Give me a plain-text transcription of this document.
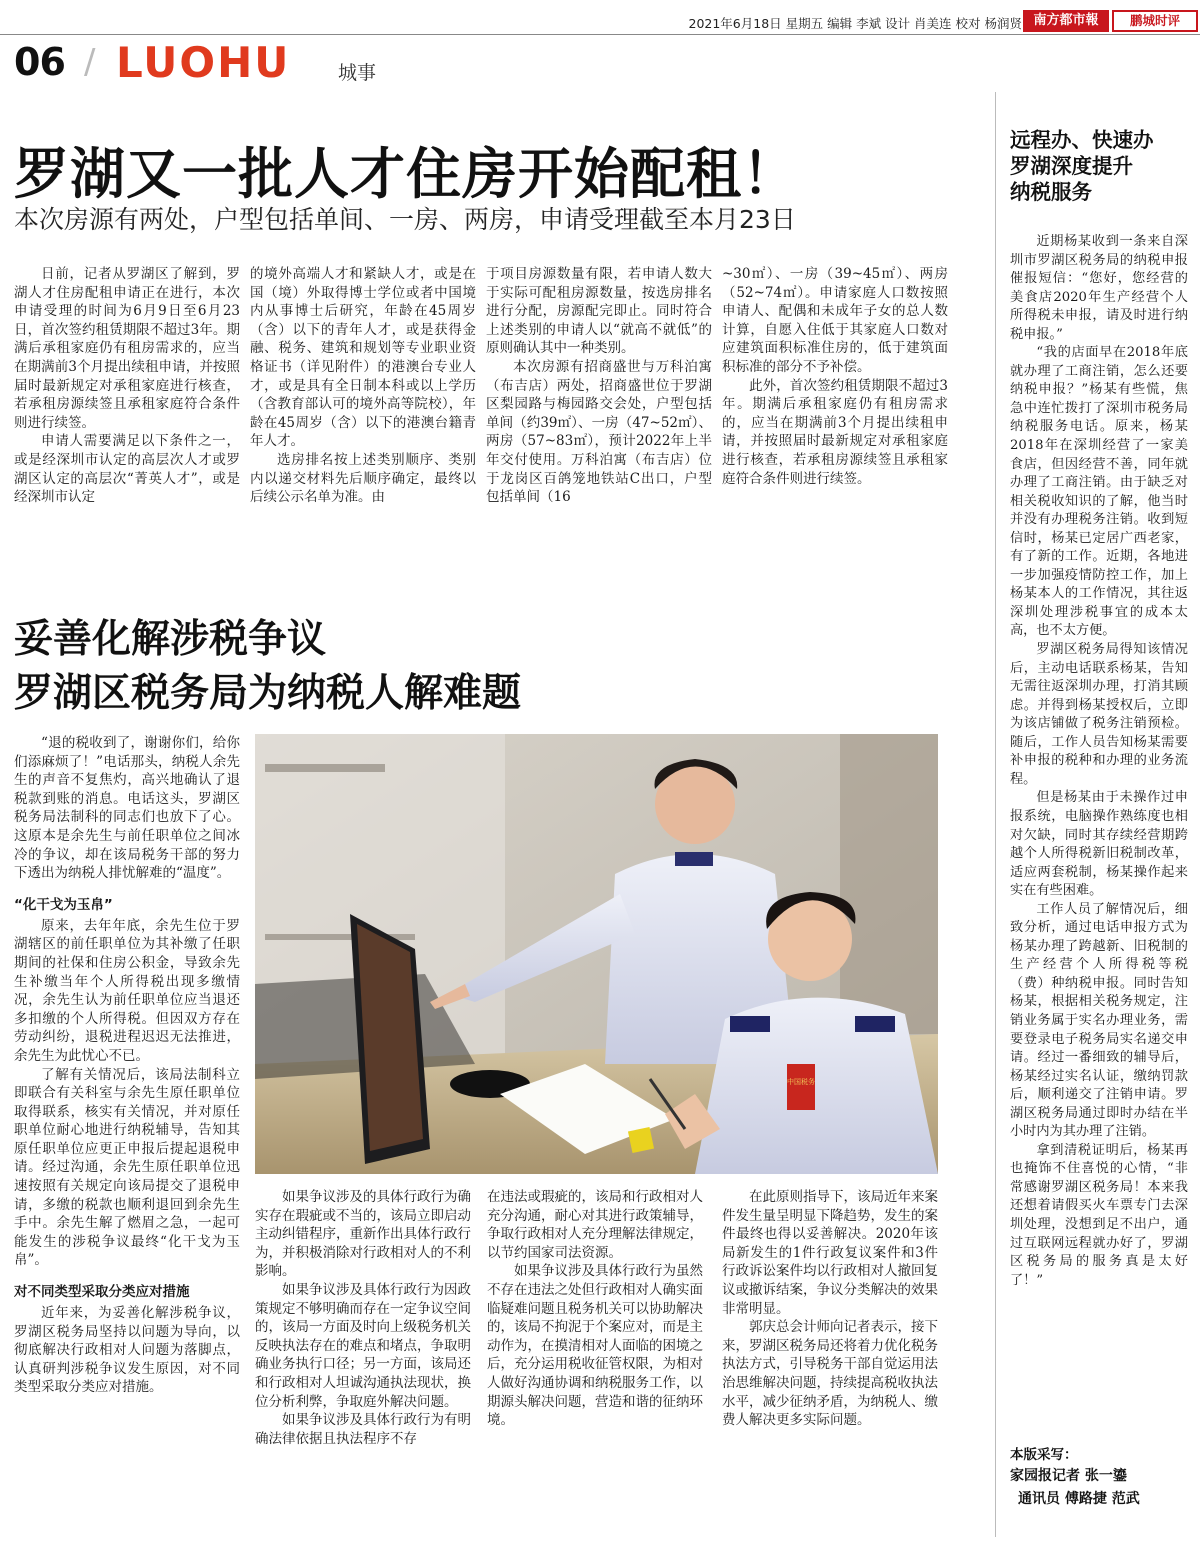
2021年6月18日 星期五 编辑 李斌 设计 肖美连 校对 杨润贤 南方都市報	鹏城时评
06 / LUOHU	城事
罗湖又一批人才住房开始配租！
本次房源有两处，户型包括单间、一房、两房，申请受理截至本月23日

日前，记者从罗湖区了解到，罗湖人才住房配租申请正在进行，本次申请受理的时间为6月9日至6月23日，首次签约租赁期限不超过3年。期满后承租家庭仍有租房需求的，应当在期满前3个月提出续租申请，并按照届时最新规定对承租家庭进行核查，若承租房源续签且承租家庭符合条件则进行续签。

申请人需要满足以下条件之一，或是经深圳市认定的高层次人才或罗湖区认定的高层次“菁英人才”，或是经深圳市认定

的境外高端人才和紧缺人才，或是在国（境）外取得博士学位或者中国境内从事博士后研究，年龄在45周岁（含）以下的青年人才，或是获得金融、税务、建筑和规划等专业职业资格证书（详见附件）的港澳台专业人才，或是具有全日制本科或以上学历（含教育部认可的境外高等院校），年龄在45周岁（含）以下的港澳台籍青年人才。

选房排名按上述类别顺序、类别内以递交材料先后顺序确定，最终以后续公示名单为准。由

于项目房源数量有限，若申请人数大于实际可配租房源数量，按选房排名进行分配，房源配完即止。同时符合上述类别的申请人以“就高不就低”的原则确认其中一种类别。

本次房源有招商盛世与万科泊寓（布吉店）两处，招商盛世位于罗湖区梨园路与梅园路交会处，户型包括单间（约39㎡）、一房（47~52㎡）、两房（57~83㎡），预计2022年上半年交付使用。万科泊寓（布吉店）位于龙岗区百鸽笼地铁站C出口，户型包括单间（16

~30㎡）、一房（39~45㎡）、两房（52~74㎡）。申请家庭人口数按照申请人、配偶和未成年子女的总人数计算，自愿入住低于其家庭人口数对应建筑面积标准住房的，低于建筑面积标准的部分不予补偿。

此外，首次签约租赁期限不超过3年。期满后承租家庭仍有租房需求的，应当在期满前3个月提出续租申请，并按照届时最新规定对承租家庭进行核查，若承租房源续签且承租家庭符合条件则进行续签。

妥善化解涉税争议
罗湖区税务局为纳税人解难题

“退的税收到了，谢谢你们，给你们添麻烦了！”电话那头，纳税人余先生的声音不复焦灼，高兴地确认了退税款到账的消息。电话这头，罗湖区税务局法制科的同志们也放下了心。这原本是余先生与前任职单位之间冰冷的争议，却在该局税务干部的努力下透出为纳税人排忧解难的“温度”。

“化干戈为玉帛”

原来，去年年底，余先生位于罗湖辖区的前任职单位为其补缴了任职期间的社保和住房公积金，导致余先生补缴当年个人所得税出现多缴情况，余先生认为前任职单位应当退还多扣缴的个人所得税。但因双方存在劳动纠纷，退税进程迟迟无法推进，余先生为此忧心不已。

了解有关情况后，该局法制科立即联合有关科室与余先生原任职单位取得联系，核实有关情况，并对原任职单位耐心地进行纳税辅导，告知其原任职单位应更正申报后提起退税申请。经过沟通，余先生原任职单位迅速按照有关规定向该局提交了退税申请，多缴的税款也顺利退回到余先生手中。余先生解了燃眉之急，一起可能发生的涉税争议最终“化干戈为玉帛”。

对不同类型采取分类应对措施

近年来，为妥善化解涉税争议，罗湖区税务局坚持以问题为导向，以彻底解决行政相对人问题为落脚点，认真研判涉税争议发生原因，对不同类型采取分类应对措施。

中国税务

如果争议涉及的具体行政行为确实存在瑕疵或不当的，该局立即启动主动纠错程序，重新作出具体行政行为，并积极消除对行政相对人的不利影响。

如果争议涉及具体行政行为因政策规定不够明确而存在一定争议空间的，该局一方面及时向上级税务机关反映执法存在的难点和堵点，争取明确业务执行口径；另一方面，该局还和行政相对人坦诚沟通执法现状，换位分析利弊，争取庭外解决问题。

如果争议涉及具体行政行为有明确法律依据且执法程序不存

在违法或瑕疵的，该局和行政相对人充分沟通，耐心对其进行政策辅导，争取行政相对人充分理解法律规定，以节约国家司法资源。

如果争议涉及具体行政行为虽然不存在违法之处但行政相对人确实面临疑难问题且税务机关可以协助解决的，该局不拘泥于个案应对，而是主动作为，在摸清相对人面临的困境之后，充分运用税收征管权限，为相对人做好沟通协调和纳税服务工作，以期源头解决问题，营造和谐的征纳环境。

在此原则指导下，该局近年来案件发生量呈明显下降趋势，发生的案件最终也得以妥善解决。2020年该局新发生的1件行政复议案件和3件行政诉讼案件均以行政相对人撤回复议或撤诉结案，争议分类解决的效果非常明显。

郭庆总会计师向记者表示，接下来，罗湖区税务局还将着力优化税务执法方式，引导税务干部自觉运用法治思维解决问题，持续提高税收执法水平，减少征纳矛盾，为纳税人、缴费人解决更多实际问题。

远程办、快速办
罗湖深度提升
纳税服务

近期杨某收到一条来自深圳市罗湖区税务局的纳税申报催报短信：“您好，您经营的美食店2020年生产经营个人所得税未申报，请及时进行纳税申报。”

“我的店面早在2018年底就办理了工商注销，怎么还要纳税申报？”杨某有些慌，焦急中连忙拨打了深圳市税务局纳税服务电话。原来，杨某2018年在深圳经营了一家美食店，但因经营不善，同年就办理了工商注销。由于缺乏对相关税收知识的了解，他当时并没有办理税务注销。收到短信时，杨某已定居广西老家，有了新的工作。近期，各地进一步加强疫情防控工作，加上杨某本人的工作情况，其往返深圳处理涉税事宜的成本太高，也不太方便。

罗湖区税务局得知该情况后，主动电话联系杨某，告知无需往返深圳办理，打消其顾虑。并得到杨某授权后，立即为该店铺做了税务注销预检。随后，工作人员告知杨某需要补申报的税种和办理的业务流程。

但是杨某由于未操作过申报系统，电脑操作熟练度也相对欠缺，同时其存续经营期跨越个人所得税新旧税制改革，适应两套税制，杨某操作起来实在有些困难。

工作人员了解情况后，细致分析，通过电话申报方式为杨某办理了跨越新、旧税制的生产经营个人所得税等税（费）种纳税申报。同时告知杨某，根据相关税务规定，注销业务属于实名办理业务，需要登录电子税务局实名递交申请。经过一番细致的辅导后，杨某经过实名认证，缴纳罚款后，顺利递交了注销申请。罗湖区税务局通过即时办结在半小时内为其办理了注销。

拿到清税证明后，杨某再也掩饰不住喜悦的心情，“非常感谢罗湖区税务局！本来我还想着请假买火车票专门去深圳处理，没想到足不出户，通过互联网远程就办好了，罗湖区税务局的服务真是太好了！”

本版采写：
家园报记者 张一鎏
通讯员 傅路捷 范武
